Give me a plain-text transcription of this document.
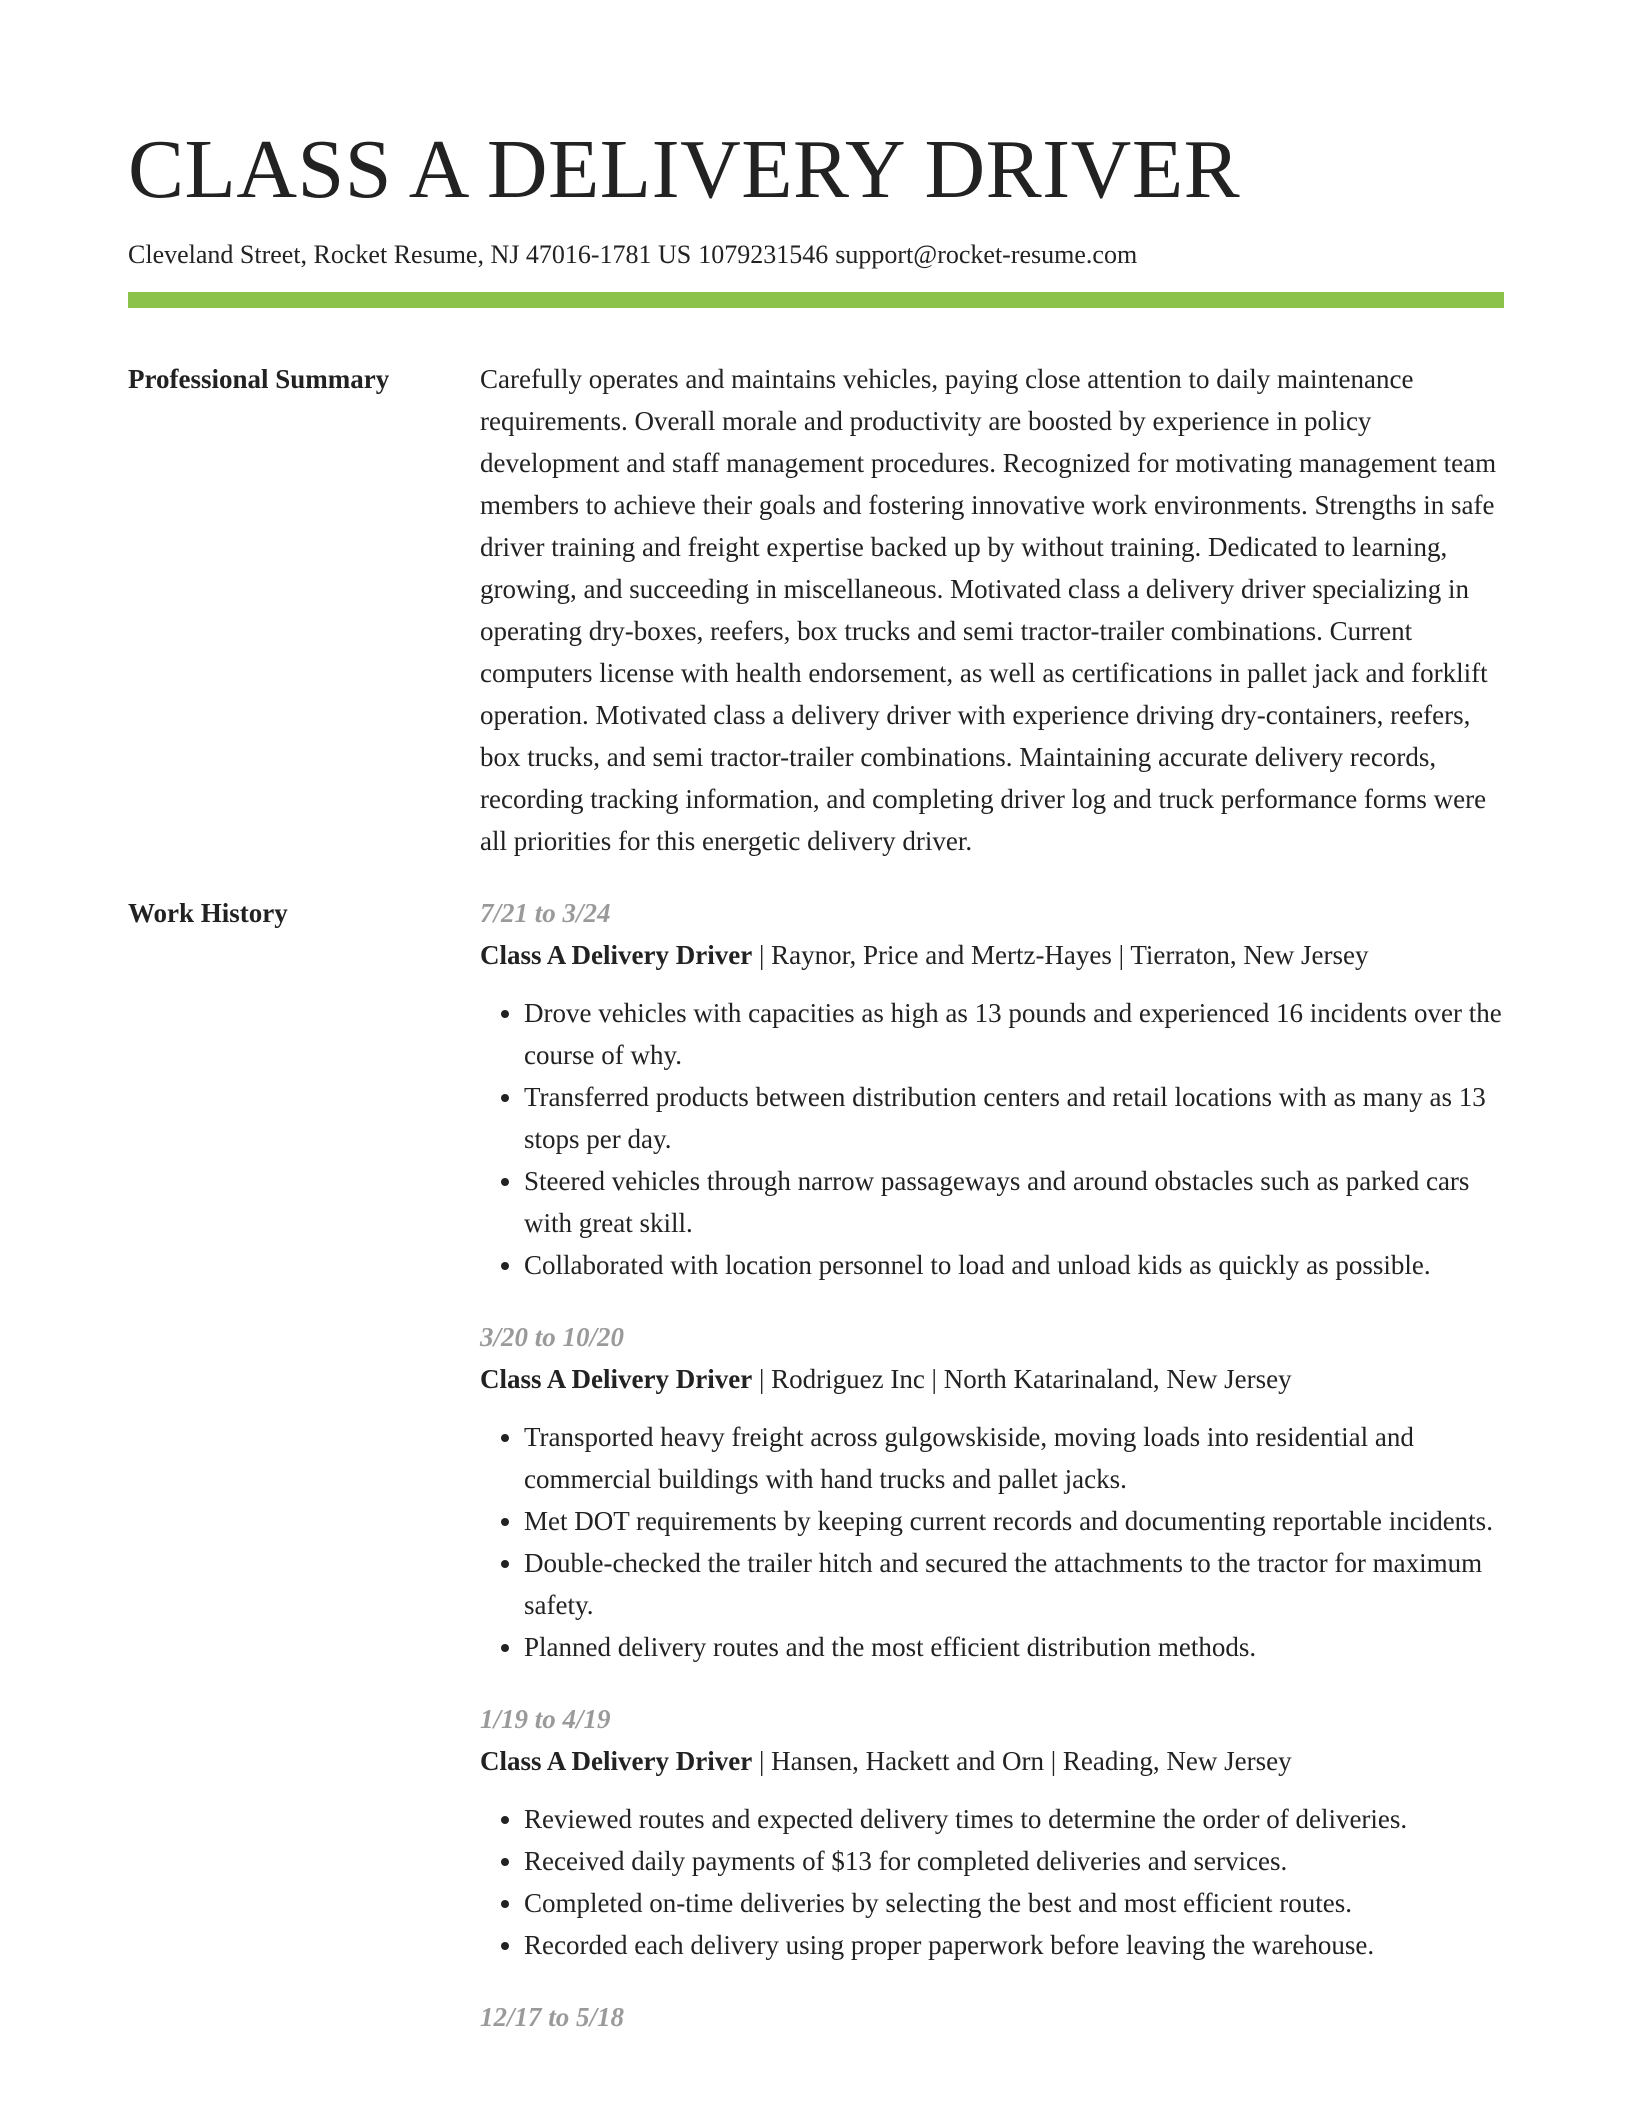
CLASS A DELIVERY DRIVER
Cleveland Street, Rocket Resume, NJ 47016-1781 US 1079231546 support@rocket-resume.com
Professional Summary	Carefully operates and maintains vehicles, paying close attention to daily maintenance requirements. Overall morale and productivity are boosted by experience in policy development and staff management procedures. Recognized for motivating management team members to achieve their goals and fostering innovative work environments. Strengths in safe driver training and freight expertise backed up by without training. Dedicated to learning, growing, and succeeding in miscellaneous. Motivated class a delivery driver specializing in operating dry-boxes, reefers, box trucks and semi tractor-trailer combinations. Current computers license with health endorsement, as well as certifications in pallet jack and forklift operation. Motivated class a delivery driver with experience driving dry-containers, reefers, box trucks, and semi tractor-trailer combinations. Maintaining accurate delivery records, recording tracking information, and completing driver log and truck performance forms were all priorities for this energetic delivery driver.

Work History	7/21 to 3/24
Class A Delivery Driver | Raynor, Price and Mertz-Hayes | Tierraton, New Jersey
• Drove vehicles with capacities as high as 13 pounds and experienced 16 incidents over the course of why.
• Transferred products between distribution centers and retail locations with as many as 13 stops per day.
• Steered vehicles through narrow passageways and around obstacles such as parked cars with great skill.
• Collaborated with location personnel to load and unload kids as quickly as possible.
3/20 to 10/20
Class A Delivery Driver | Rodriguez Inc | North Katarinaland, New Jersey
• Transported heavy freight across gulgowskiside, moving loads into residential and commercial buildings with hand trucks and pallet jacks.
• Met DOT requirements by keeping current records and documenting reportable incidents.
• Double-checked the trailer hitch and secured the attachments to the tractor for maximum safety.
• Planned delivery routes and the most efficient distribution methods.
1/19 to 4/19
Class A Delivery Driver | Hansen, Hackett and Orn | Reading, New Jersey
• Reviewed routes and expected delivery times to determine the order of deliveries.
• Received daily payments of $13 for completed deliveries and services.
• Completed on-time deliveries by selecting the best and most efficient routes.
• Recorded each delivery using proper paperwork before leaving the warehouse.
12/17 to 5/18
